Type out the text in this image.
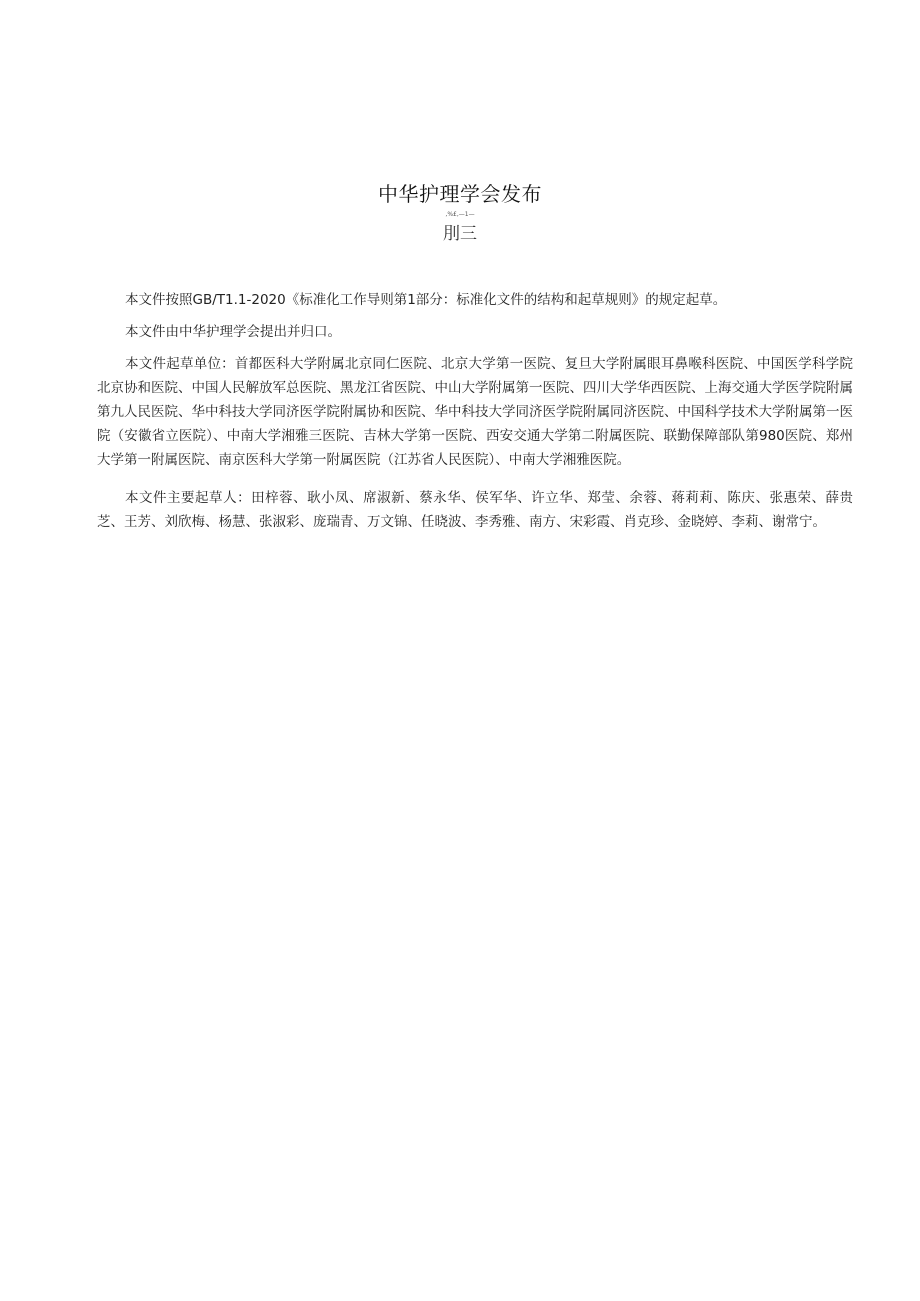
中华护理学会发布
,%£,—1—
刖三

本文件按照GB/T1.1-2020《标准化工作导则第1部分：标准化文件的结构和起草规则》的规定起草。

本文件由中华护理学会提出并归口。

本文件起草单位：首都医科大学附属北京同仁医院、北京大学第一医院、复旦大学附属眼耳鼻喉科医院、中国医学科学院北京协和医院、中国人民解放军总医院、黑龙江省医院、中山大学附属第一医院、四川大学华西医院、上海交通大学医学院附属第九人民医院、华中科技大学同济医学院附属协和医院、华中科技大学同济医学院附属同济医院、中国科学技术大学附属第一医院（安徽省立医院）、中南大学湘雅三医院、吉林大学第一医院、西安交通大学第二附属医院、联勤保障部队第980医院、郑州大学第一附属医院、南京医科大学第一附属医院（江苏省人民医院）、中南大学湘雅医院。

本文件主要起草人：田梓蓉、耿小凤、席淑新、蔡永华、侯军华、许立华、郑莹、余蓉、蒋莉莉、陈庆、张惠荣、薛贵芝、王芳、刘欣梅、杨慧、张淑彩、庞瑞青、万文锦、任晓波、李秀雅、南方、宋彩霞、肖克珍、金晓婷、李莉、谢常宁。
